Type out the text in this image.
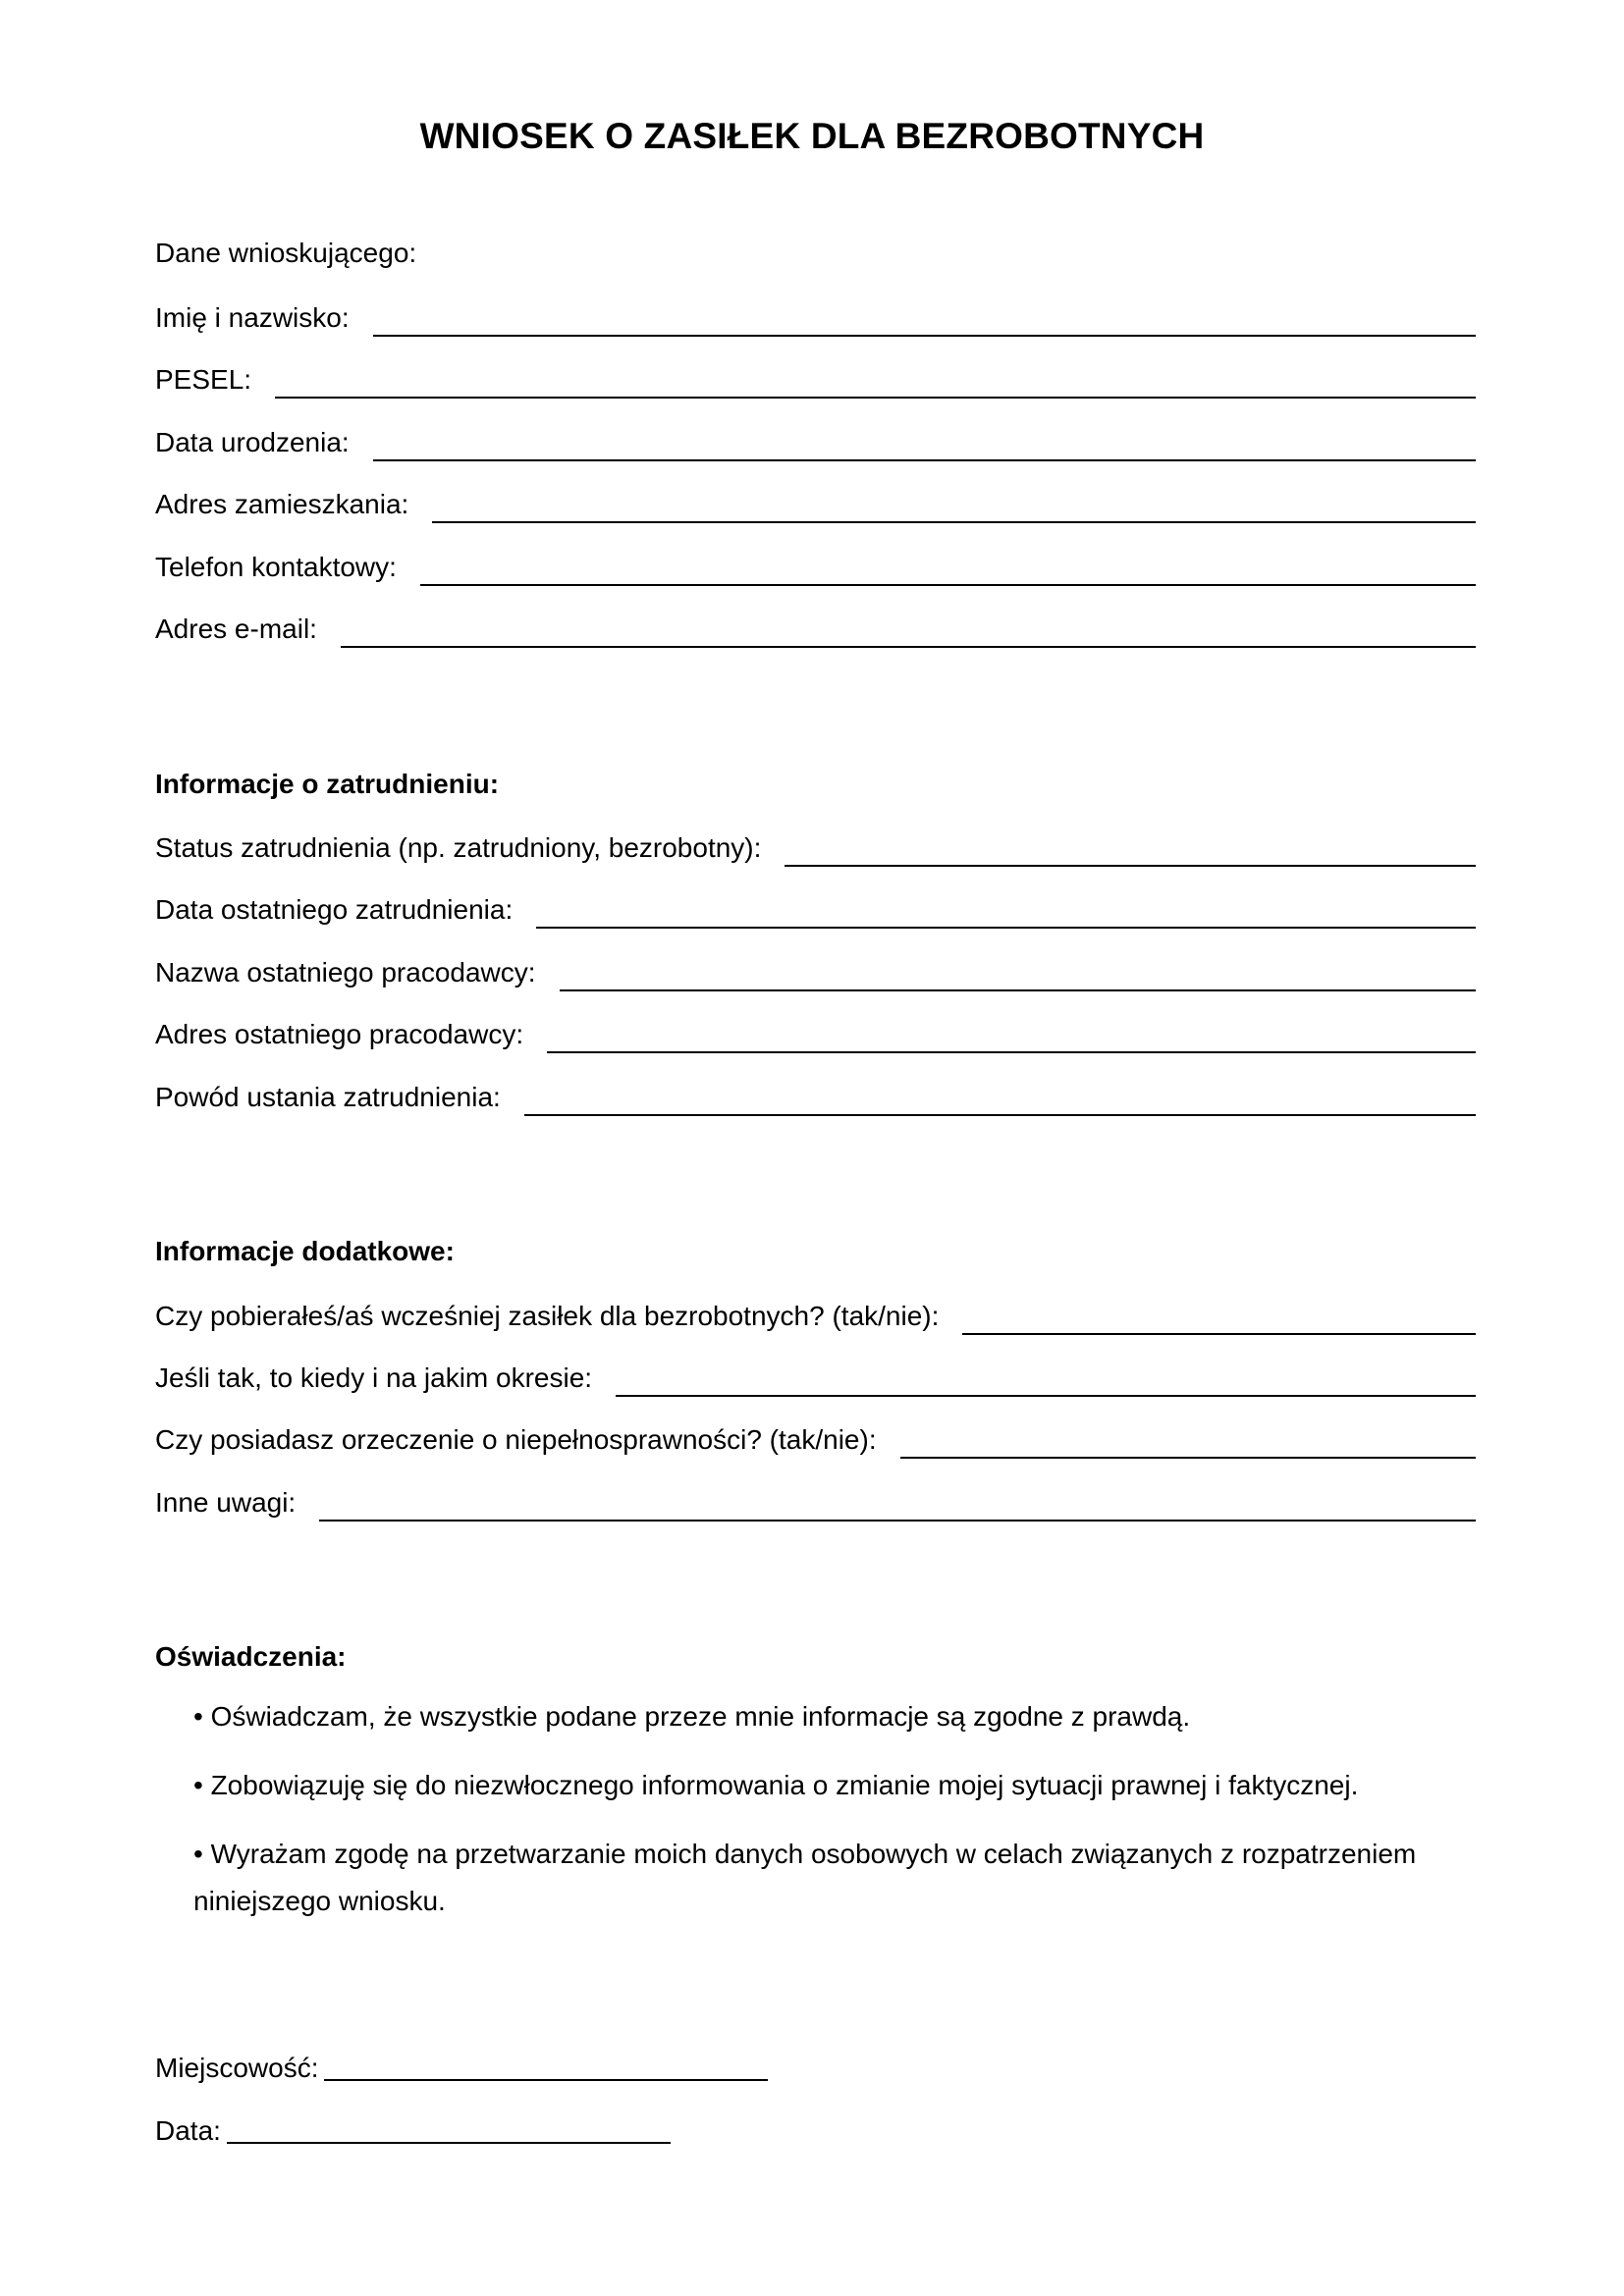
WNIOSEK O ZASIŁEK DLA BEZROBOTNYCH
Dane wnioskującego:
Imię i nazwisko:
PESEL:
Data urodzenia:
Adres zamieszkania:
Telefon kontaktowy:
Adres e-mail:
Informacje o zatrudnieniu:
Status zatrudnienia (np. zatrudniony, bezrobotny):
Data ostatniego zatrudnienia:
Nazwa ostatniego pracodawcy:
Adres ostatniego pracodawcy:
Powód ustania zatrudnienia:
Informacje dodatkowe:
Czy pobierałeś/aś wcześniej zasiłek dla bezrobotnych? (tak/nie):
Jeśli tak, to kiedy i na jakim okresie:
Czy posiadasz orzeczenie o niepełnosprawności? (tak/nie):
Inne uwagi:
Oświadczenia:
• Oświadczam, że wszystkie podane przeze mnie informacje są zgodne z prawdą.
• Zobowiązuję się do niezwłocznego informowania o zmianie mojej sytuacji prawnej i faktycznej.
• Wyrażam zgodę na przetwarzanie moich danych osobowych w celach związanych z rozpatrzeniem niniejszego wniosku.
Miejscowość:
Data:
